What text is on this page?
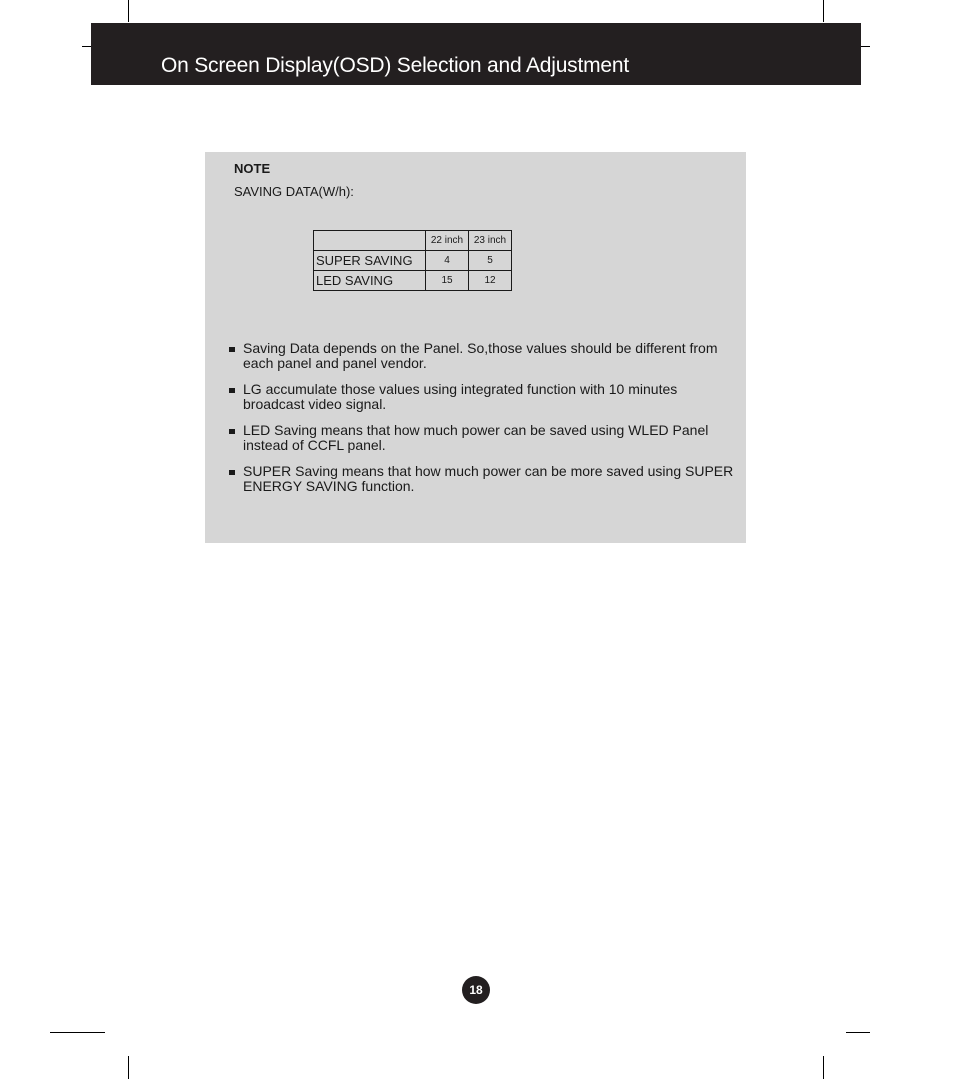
On Screen Display(OSD) Selection and Adjustment
NOTE
SAVING DATA(W/h):
	22 inch	23 inch
SUPER SAVING	4	5
LED SAVING	15	12
Saving Data depends on the Panel. So,those values should be different from each panel and panel vendor.
LG accumulate those values using integrated function with 10 minutes broadcast video signal.
LED Saving means that how much power can be saved using WLED Panel instead of CCFL panel.
SUPER Saving means that how much power can be more saved using SUPER ENERGY SAVING function.
18
